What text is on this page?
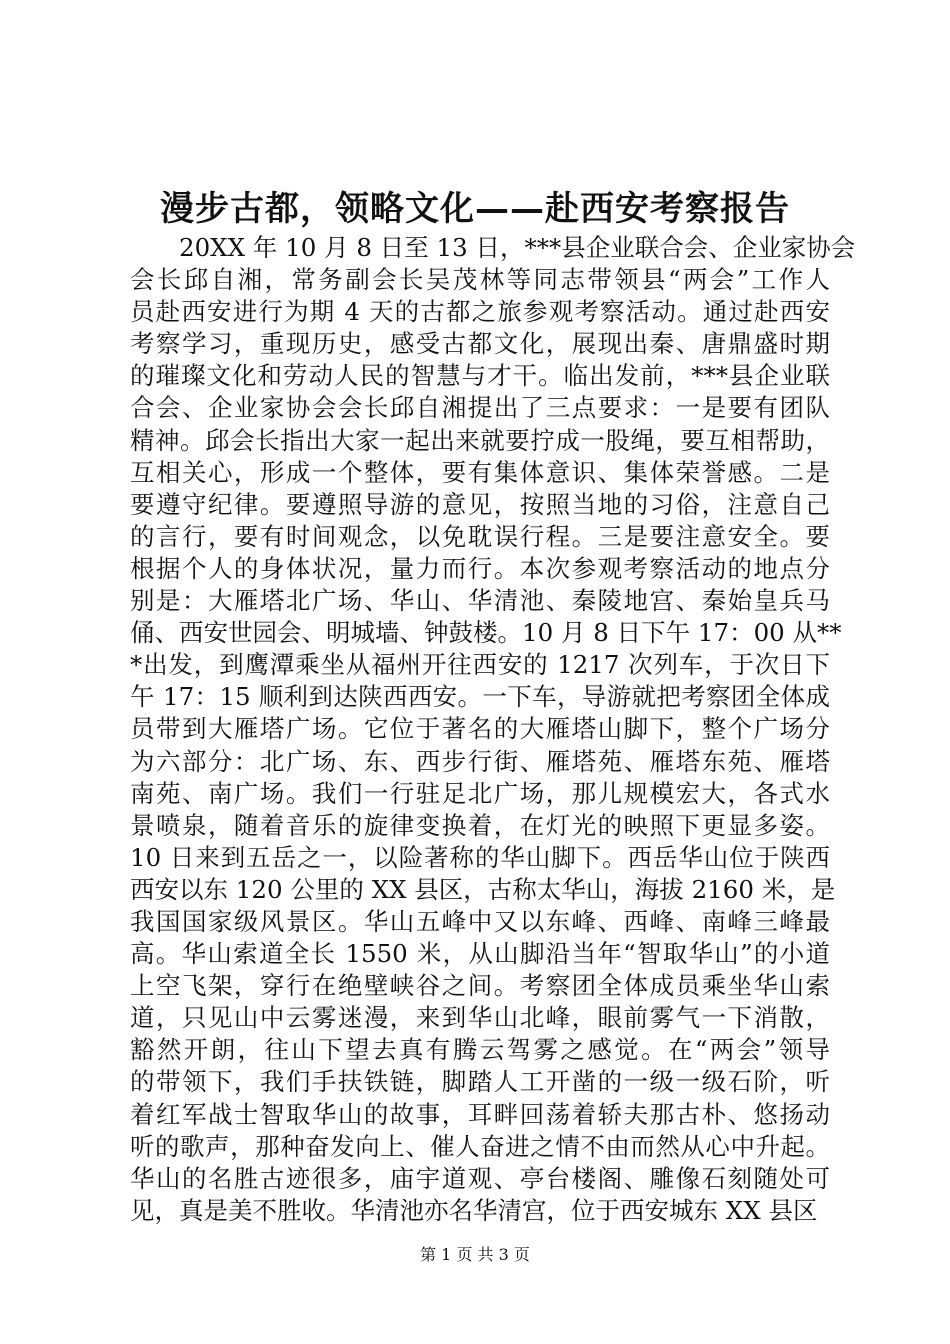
漫步古都，领略文化——赴西安考察报告
　　20XX 年 10 月 8 日至 13 日，***县企业联合会、企业家协会
会长邱自湘，常务副会长吴茂林等同志带领县“两会”工作人
员赴西安进行为期 4 天的古都之旅参观考察活动。通过赴西安
考察学习，重现历史，感受古都文化，展现出秦、唐鼎盛时期
的璀璨文化和劳动人民的智慧与才干。临出发前，***县企业联
合会、企业家协会会长邱自湘提出了三点要求：一是要有团队
精神。邱会长指出大家一起出来就要拧成一股绳，要互相帮助，
互相关心，形成一个整体，要有集体意识、集体荣誉感。二是
要遵守纪律。要遵照导游的意见，按照当地的习俗，注意自己
的言行，要有时间观念，以免耽误行程。三是要注意安全。要
根据个人的身体状况，量力而行。本次参观考察活动的地点分
别是：大雁塔北广场、华山、华清池、秦陵地宫、秦始皇兵马
俑、西安世园会、明城墙、钟鼓楼。10 月 8 日下午 17：00 从**
*出发，到鹰潭乘坐从福州开往西安的 1217 次列车，于次日下
午 17：15 顺利到达陕西西安。一下车，导游就把考察团全体成
员带到大雁塔广场。它位于著名的大雁塔山脚下，整个广场分
为六部分：北广场、东、西步行街、雁塔苑、雁塔东苑、雁塔
南苑、南广场。我们一行驻足北广场，那儿规模宏大，各式水
景喷泉，随着音乐的旋律变换着，在灯光的映照下更显多姿。
10 日来到五岳之一，以险著称的华山脚下。西岳华山位于陕西
西安以东 120 公里的 XX 县区，古称太华山，海拔 2160 米，是
我国国家级风景区。华山五峰中又以东峰、西峰、南峰三峰最
高。华山索道全长 1550 米，从山脚沿当年“智取华山”的小道
上空飞架，穿行在绝壁峡谷之间。考察团全体成员乘坐华山索
道，只见山中云雾迷漫，来到华山北峰，眼前雾气一下消散，
豁然开朗，往山下望去真有腾云驾雾之感觉。在“两会”领导
的带领下，我们手扶铁链，脚踏人工开凿的一级一级石阶，听
着红军战士智取华山的故事，耳畔回荡着轿夫那古朴、悠扬动
听的歌声，那种奋发向上、催人奋进之情不由而然从心中升起。
华山的名胜古迹很多，庙宇道观、亭台楼阁、雕像石刻随处可
见，真是美不胜收。华清池亦名华清宫，位于西安城东 XX 县区
第 1 页 共 3 页
